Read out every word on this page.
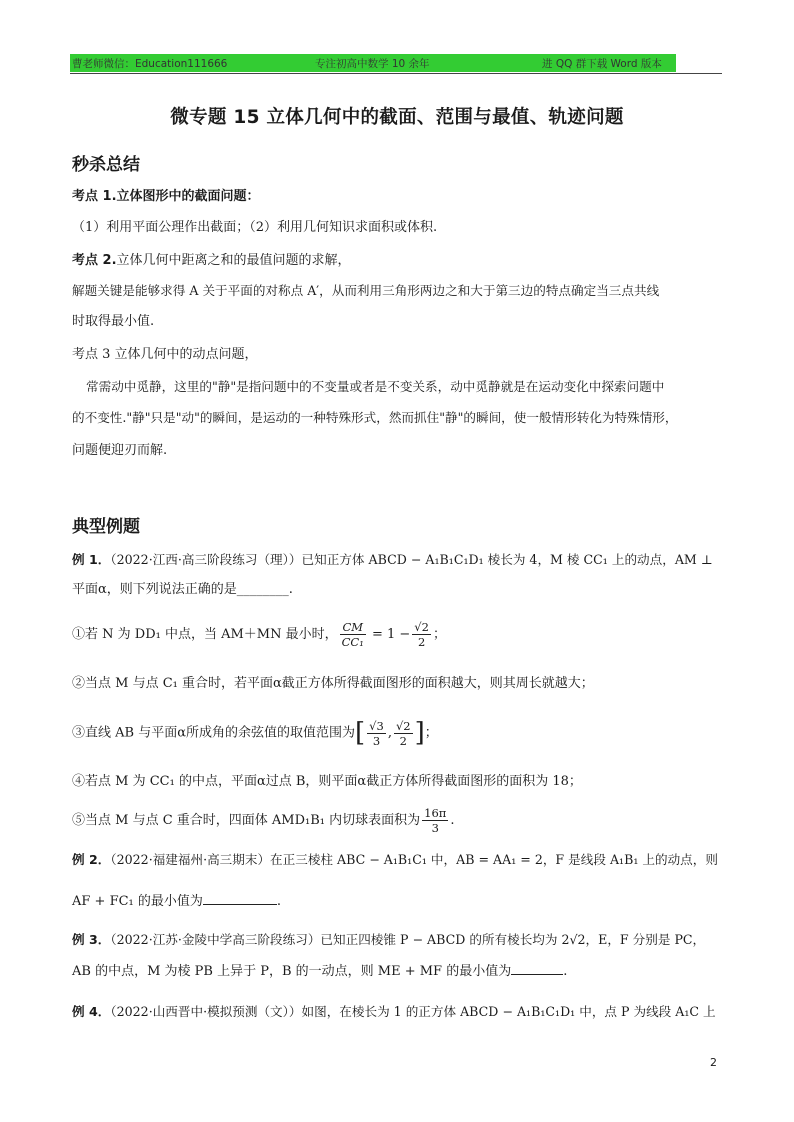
曹老师微信：Education111666	专注初高中数学 10 余年	进 QQ 群下载 Word 版本
微专题 15 立体几何中的截面、范围与最值、轨迹问题
秒杀总结
考点 1.立体图形中的截面问题：
（1）利用平面公理作出截面；（2）利用几何知识求面积或体积.
考点 2.立体几何中距离之和的最值问题的求解，
解题关键是能够求得 A 关于平面的对称点 A′，从而利用三角形两边之和大于第三边的特点确定当三点共线
时取得最小值.
考点 3 立体几何中的动点问题，
常需动中觅静，这里的"静"是指问题中的不变量或者是不变关系，动中觅静就是在运动变化中探索问题中
的不变性."静"只是"动"的瞬间，是运动的一种特殊形式，然而抓住"静"的瞬间，使一般情形转化为特殊情形，
问题便迎刃而解.
典型例题
例 1．（2022·江西·高三阶段练习（理））已知正方体 ABCD − A₁B₁C₁D₁ 棱长为 4，M 棱 CC₁ 上的动点，AM ⊥
平面α，则下列说法正确的是________.
①若 N 为 DD₁ 中点，当 AM＋MN 最小时， $\frac{CM}{\text{CC₁}} = 1 - \frac{√2}{2}$ ；
②当点 M 与点 C₁ 重合时，若平面α截正方体所得截面图形的面积越大，则其周长就越大；
③直线 AB 与平面α所成角的余弦值的取值范围为[ $\frac{√3}{3}$ , $\frac{√2}{2}$ ]；
④若点 M 为 CC₁ 的中点，平面α过点 B，则平面α截正方体所得截面图形的面积为 18；
⑤当点 M 与点 C 重合时，四面体 AMD₁B₁ 内切球表面积为 $\frac{16\pi}{3}$ .
例 2．（2022·福建福州·高三期末）在正三棱柱 ABC − A₁B₁C₁ 中，AB = AA₁ = 2，F 是线段 A₁B₁ 上的动点，则
AF + FC₁ 的最小值为	.
例 3．（2022·江苏·金陵中学高三阶段练习）已知正四棱锥 P − ABCD 的所有棱长均为 2√2，E，F 分别是 PC，
AB 的中点，M 为棱 PB 上异于 P，B 的一动点，则 ME + MF 的最小值为	.
例 4．（2022·山西晋中·模拟预测（文））如图，在棱长为 1 的正方体 ABCD − A₁B₁C₁D₁ 中，点 P 为线段 A₁C 上
2
